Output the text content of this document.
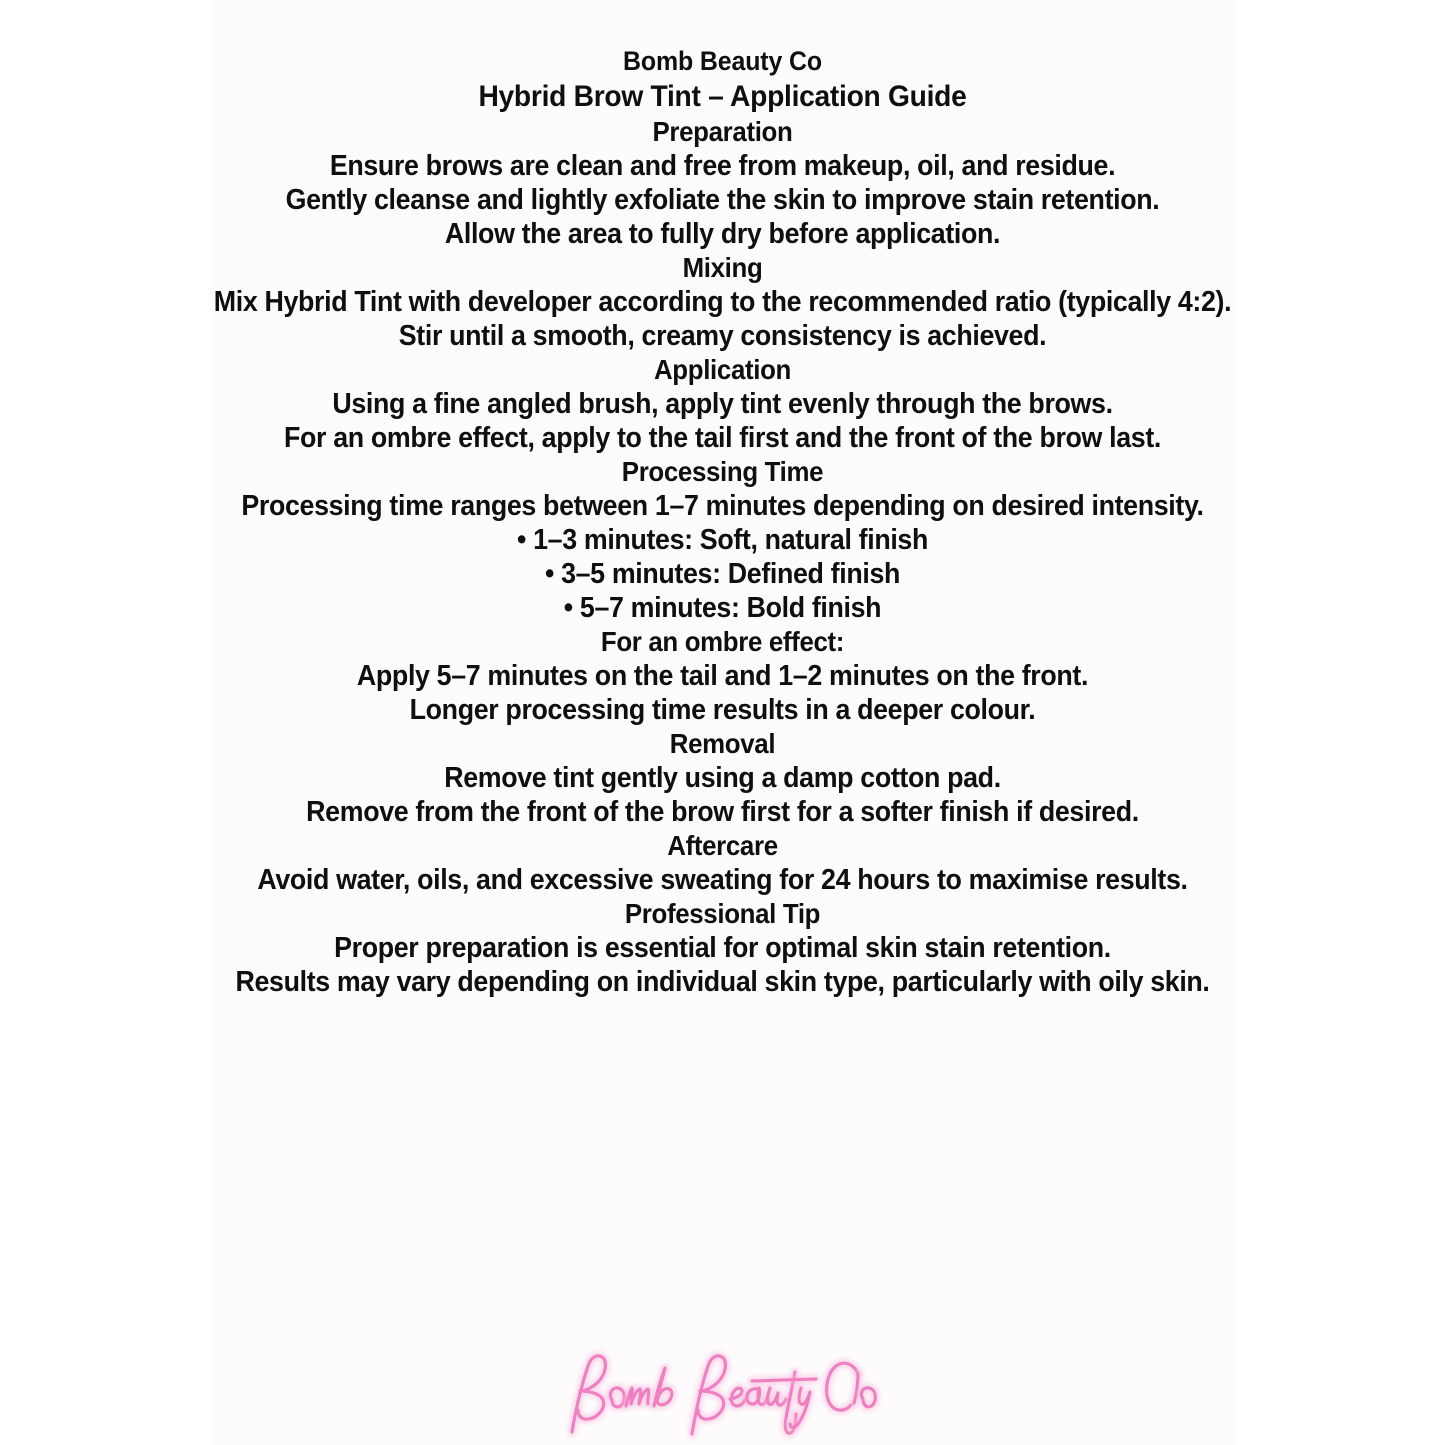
Bomb Beauty Co
Hybrid Brow Tint – Application Guide
Preparation
Ensure brows are clean and free from makeup, oil, and residue.
Gently cleanse and lightly exfoliate the skin to improve stain retention.
Allow the area to fully dry before application.
Mixing
Mix Hybrid Tint with developer according to the recommended ratio (typically 4:2).
Stir until a smooth, creamy consistency is achieved.
Application
Using a fine angled brush, apply tint evenly through the brows.
For an ombre effect, apply to the tail first and the front of the brow last.
Processing Time
Processing time ranges between 1–7 minutes depending on desired intensity.
• 1–3 minutes: Soft, natural finish
• 3–5 minutes: Defined finish
• 5–7 minutes: Bold finish
For an ombre effect:
Apply 5–7 minutes on the tail and 1–2 minutes on the front.
Longer processing time results in a deeper colour.
Removal
Remove tint gently using a damp cotton pad.
Remove from the front of the brow first for a softer finish if desired.
Aftercare
Avoid water, oils, and excessive sweating for 24 hours to maximise results.
Professional Tip
Proper preparation is essential for optimal skin stain retention.
Results may vary depending on individual skin type, particularly with oily skin.
